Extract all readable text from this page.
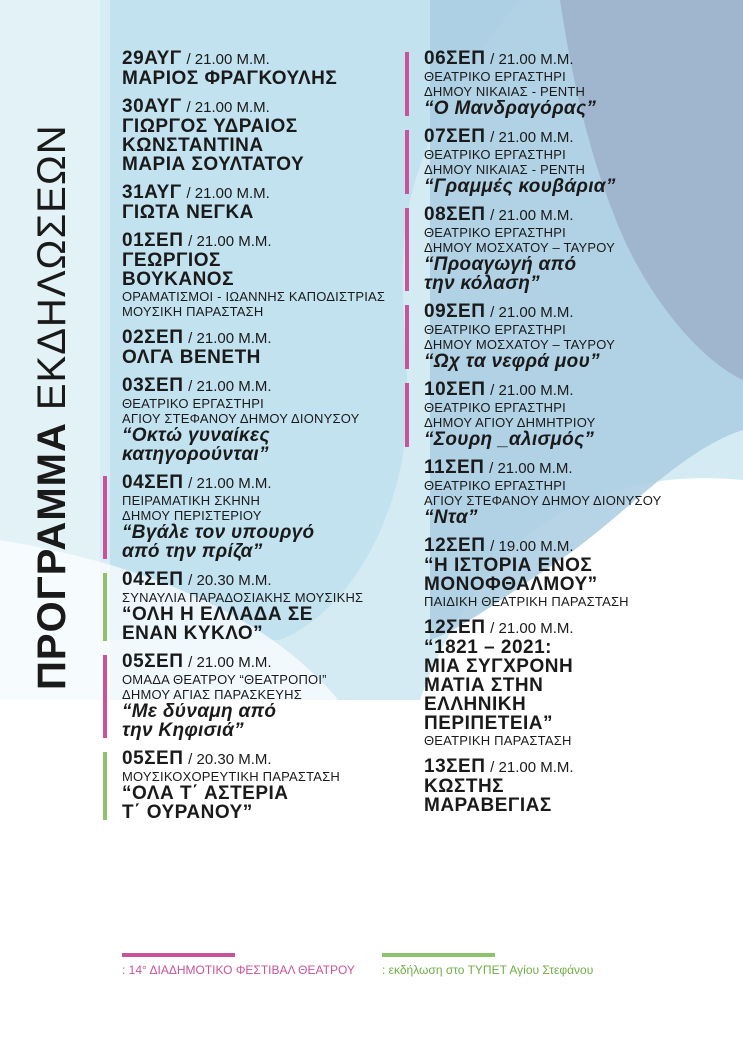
ΠΡΟΓΡΑΜΜΑ
ΕΚΔΗΛΩΣΕΩΝ
29ΑΥΓ / 21.00 Μ.Μ.
ΜΑΡΙΟΣ ΦΡΑΓΚΟΥΛΗΣ
30ΑΥΓ / 21.00 Μ.Μ.
ΓΙΩΡΓΟΣ ΥΔΡΑΙΟΣ
ΚΩΝΣΤΑΝΤΙΝΑ
ΜΑΡΙΑ ΣΟΥΛΤΑΤΟΥ
31ΑΥΓ / 21.00 Μ.Μ.
ΓΙΩΤΑ ΝΕΓΚΑ
01ΣΕΠ / 21.00 Μ.Μ.
ΓΕΩΡΓΙΟΣ
ΒΟΥΚΑΝΟΣ
ΟΡΑΜΑΤΙΣΜΟΙ - ΙΩΑΝΝΗΣ ΚΑΠΟΔΙΣΤΡΙΑΣ
ΜΟΥΣΙΚΗ ΠΑΡΑΣΤΑΣΗ
02ΣΕΠ / 21.00 Μ.Μ.
ΟΛΓΑ ΒΕΝΕΤΗ
03ΣΕΠ / 21.00 Μ.Μ.
ΘΕΑΤΡΙΚΟ ΕΡΓΑΣΤΗΡΙ
ΑΓΙΟΥ ΣΤΕΦΑΝΟΥ ΔΗΜΟΥ ΔΙΟΝΥΣΟΥ
“Οκτώ γυναίκες
κατηγορούνται”
04ΣΕΠ / 21.00 Μ.Μ.
ΠΕΙΡΑΜΑΤΙΚΗ ΣΚΗΝΗ
ΔΗΜΟΥ ΠΕΡΙΣΤΕΡΙΟΥ
“Βγάλε τον υπουργό
από την πρίζα”
04ΣΕΠ / 20.30 Μ.Μ.
ΣΥΝΑΥΛΙΑ ΠΑΡΑΔΟΣΙΑΚΗΣ ΜΟΥΣΙΚΗΣ
“ΟΛΗ Η ΕΛΛΑΔΑ ΣΕ
ΕΝΑΝ ΚΥΚΛΟ”
05ΣΕΠ / 21.00 Μ.Μ.
ΟΜΑΔΑ ΘΕΑΤΡΟΥ “ΘΕΑΤΡΟΠΟΙ”
ΔΗΜΟΥ ΑΓΙΑΣ ΠΑΡΑΣΚΕΥΗΣ
“Με δύναμη από
την Κηφισιά”
05ΣΕΠ / 20.30 Μ.Μ.
ΜΟΥΣΙΚΟΧΟΡΕΥΤΙΚΗ ΠΑΡΑΣΤΑΣΗ
“ΟΛΑ Τ΄ ΑΣΤΕΡΙΑ
Τ΄ ΟΥΡΑΝΟΥ”
06ΣΕΠ / 21.00 Μ.Μ.
ΘΕΑΤΡΙΚΟ ΕΡΓΑΣΤΗΡΙ
ΔΗΜΟΥ ΝΙΚΑΙΑΣ - ΡΕΝΤΗ
“Ο Μανδραγόρας”
07ΣΕΠ / 21.00 Μ.Μ.
ΘΕΑΤΡΙΚΟ ΕΡΓΑΣΤΗΡΙ
ΔΗΜΟΥ ΝΙΚΑΙΑΣ - ΡΕΝΤΗ
“Γραμμές κουβάρια”
08ΣΕΠ / 21.00 Μ.Μ.
ΘΕΑΤΡΙΚΟ ΕΡΓΑΣΤΗΡΙ
ΔΗΜΟΥ ΜΟΣΧΑΤΟΥ – ΤΑΥΡΟΥ
“Προαγωγή από
την κόλαση”
09ΣΕΠ / 21.00 Μ.Μ.
ΘΕΑΤΡΙΚΟ ΕΡΓΑΣΤΗΡΙ
ΔΗΜΟΥ ΜΟΣΧΑΤΟΥ – ΤΑΥΡΟΥ
“Ωχ τα νεφρά μου”
10ΣΕΠ / 21.00 Μ.Μ.
ΘΕΑΤΡΙΚΟ ΕΡΓΑΣΤΗΡΙ
ΔΗΜΟΥ ΑΓΙΟΥ ΔΗΜΗΤΡΙΟΥ
“Σουρη _αλισμός”
11ΣΕΠ / 21.00 Μ.Μ.
ΘΕΑΤΡΙΚΟ ΕΡΓΑΣΤΗΡΙ
ΑΓΙΟΥ ΣΤΕΦΑΝΟΥ ΔΗΜΟΥ ΔΙΟΝΥΣΟΥ
“Ντα”
12ΣΕΠ / 19.00 Μ.Μ.
“Η ΙΣΤΟΡΙΑ ΕΝΟΣ
ΜΟΝΟΦΘΑΛΜΟΥ”
ΠΑΙΔΙΚΗ ΘΕΑΤΡΙΚΗ ΠΑΡΑΣΤΑΣΗ
12ΣΕΠ / 21.00 Μ.Μ.
“1821 – 2021:
ΜΙΑ ΣΥΓΧΡΟΝΗ
ΜΑΤΙΑ ΣΤΗΝ
ΕΛΛΗΝΙΚΗ
ΠΕΡΙΠΕΤΕΙΑ”
ΘΕΑΤΡΙΚΗ ΠΑΡΑΣΤΑΣΗ
13ΣΕΠ / 21.00 Μ.Μ.
ΚΩΣΤΗΣ
ΜΑΡΑΒΕΓΙΑΣ
: 14° ΔΙΑΔΗΜΟΤΙΚΟ ΦΕΣΤΙΒΑΛ ΘΕΑΤΡΟΥ : εκδήλωση στο ΤΥΠΕΤ Αγίου Στεφάνου
